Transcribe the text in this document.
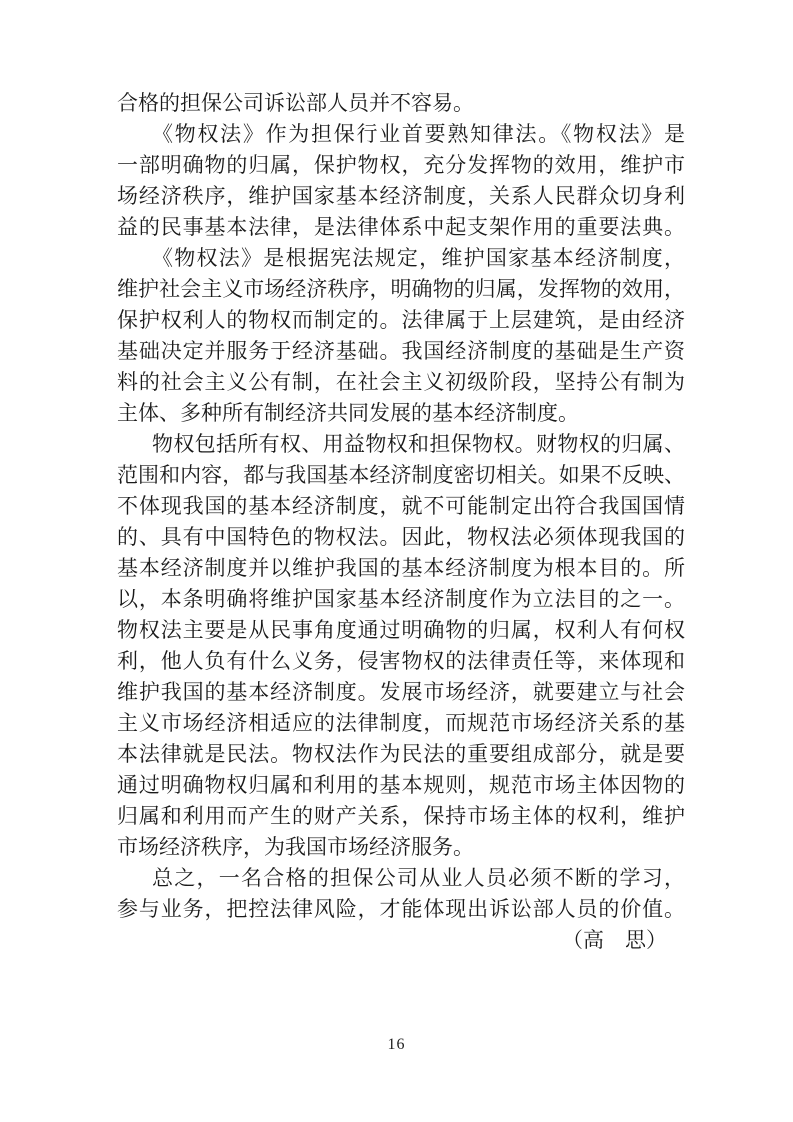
合格的担保公司诉讼部人员并不容易。
《物权法》作为担保行业首要熟知律法。《物权法》是
一部明确物的归属，保护物权，充分发挥物的效用，维护市
场经济秩序，维护国家基本经济制度，关系人民群众切身利
益的民事基本法律，是法律体系中起支架作用的重要法典。
《物权法》是根据宪法规定，维护国家基本经济制度，
维护社会主义市场经济秩序，明确物的归属，发挥物的效用，
保护权利人的物权而制定的。法律属于上层建筑，是由经济
基础决定并服务于经济基础。我国经济制度的基础是生产资
料的社会主义公有制，在社会主义初级阶段，坚持公有制为
主体、多种所有制经济共同发展的基本经济制度。
物权包括所有权、用益物权和担保物权。财物权的归属、
范围和内容，都与我国基本经济制度密切相关。如果不反映、
不体现我国的基本经济制度，就不可能制定出符合我国国情
的、具有中国特色的物权法。因此，物权法必须体现我国的
基本经济制度并以维护我国的基本经济制度为根本目的。所
以，本条明确将维护国家基本经济制度作为立法目的之一。
物权法主要是从民事角度通过明确物的归属，权利人有何权
利，他人负有什么义务，侵害物权的法律责任等，来体现和
维护我国的基本经济制度。发展市场经济，就要建立与社会
主义市场经济相适应的法律制度，而规范市场经济关系的基
本法律就是民法。物权法作为民法的重要组成部分，就是要
通过明确物权归属和利用的基本规则，规范市场主体因物的
归属和利用而产生的财产关系，保持市场主体的权利，维护
市场经济秩序，为我国市场经济服务。
总之，一名合格的担保公司从业人员必须不断的学习，
参与业务，把控法律风险，才能体现出诉讼部人员的价值。
（高　思）
16
